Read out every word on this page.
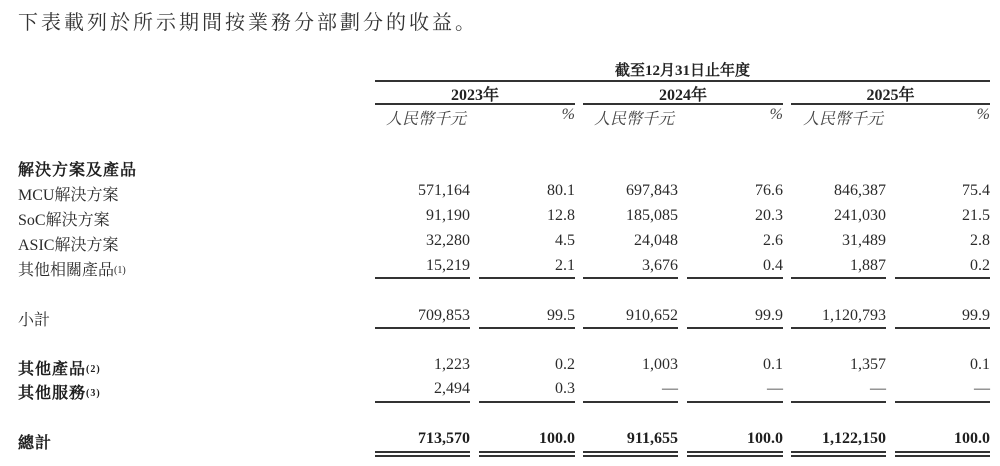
下表載列於所示期間按業務分部劃分的收益。
截至12月31日止年度
2023年	2024年	2025年
人民幣千元	% 人民幣千元	% 人民幣千元	%
解決方案及產品
MCU解決方案	571,164	80.1	697,843	76.6	846,387	75.4
SoC解決方案	91,190	12.8	185,085	20.3	241,030	21.5
ASIC解決方案	32,280	4.5	24,048	2.6	31,489	2.8
其他相關產品$^{(1)}$	15,219	2.1	3,676	0.4	1,887	0.2
小計	709,853	99.5	910,652	99.9	1,120,793	99.9
其他產品$^{(2)}$	1,223	0.2	1,003	0.1	1,357	0.1
其他服務$^{(3)}$	2,494	0.3	—	—	—	—
總計	713,570	100.0	911,655	100.0	1,122,150	100.0
